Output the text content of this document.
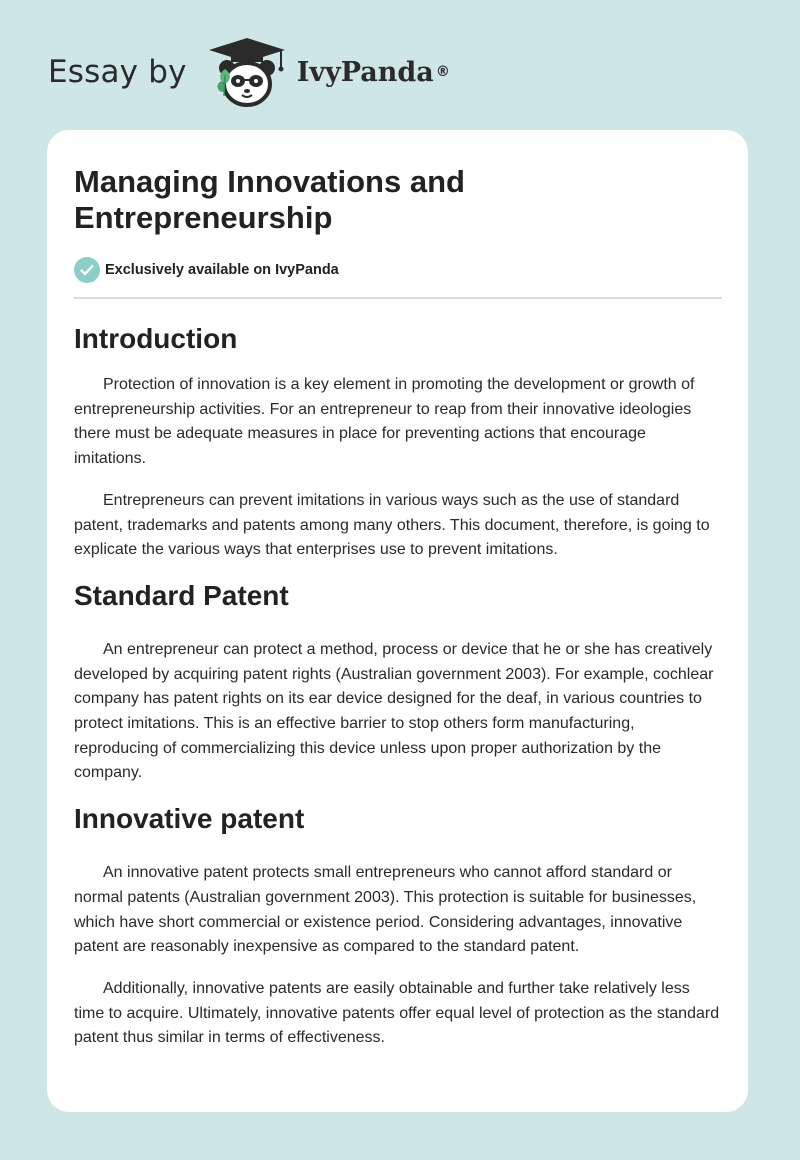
Essay by	IvyPanda ®
Managing Innovations and Entrepreneurship
Exclusively available on IvyPanda
Introduction

Protection of innovation is a key element in promoting the development or growth of entrepreneurship activities. For an entrepreneur to reap from their innovative ideologies there must be adequate measures in place for preventing actions that encourage imitations.

Entrepreneurs can prevent imitations in various ways such as the use of standard patent, trademarks and patents among many others. This document, therefore, is going to explicate the various ways that enterprises use to prevent imitations.

Standard Patent

An entrepreneur can protect a method, process or device that he or she has creatively developed by acquiring patent rights (Australian government 2003). For example, cochlear company has patent rights on its ear device designed for the deaf, in various countries to protect imitations. This is an effective barrier to stop others form manufacturing, reproducing of commercializing this device unless upon proper authorization by the company.

Innovative patent

An innovative patent protects small entrepreneurs who cannot afford standard or normal patents (Australian government 2003). This protection is suitable for businesses, which have short commercial or existence period. Considering advantages, innovative patent are reasonably inexpensive as compared to the standard patent.

Additionally, innovative patents are easily obtainable and further take relatively less time to acquire. Ultimately, innovative patents offer equal level of protection as the standard patent thus similar in terms of effectiveness.
